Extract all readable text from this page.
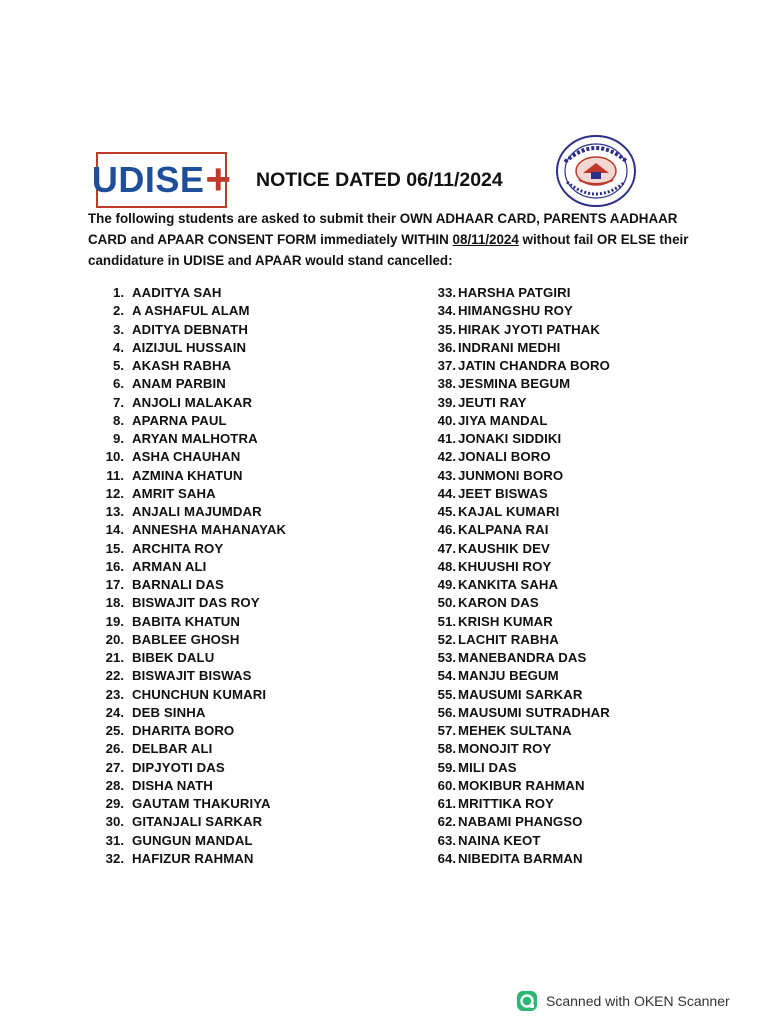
UDISE + NOTICE DATED 06/11/2024
The following students are asked to submit their OWN ADHAAR CARD, PARENTS AADHAAR CARD and APAAR CONSENT FORM immediately WITHIN 08/11/2024 without fail OR ELSE their candidature in UDISE and APAAR would stand cancelled:
1. AADITYA SAH
2. A ASHAFUL ALAM
3. ADITYA DEBNATH
4. AIZIJUL HUSSAIN
5. AKASH RABHA
6. ANAM PARBIN
7. ANJOLI MALAKAR
8. APARNA PAUL
9. ARYAN MALHOTRA
10. ASHA CHAUHAN
11. AZMINA KHATUN
12. AMRIT SAHA
13. ANJALI MAJUMDAR
14. ANNESHA MAHANAYAK
15. ARCHITA ROY
16. ARMAN ALI
17. BARNALI DAS
18. BISWAJIT DAS ROY
19. BABITA KHATUN
20. BABLEE GHOSH
21. BIBEK DALU
22. BISWAJIT BISWAS
23. CHUNCHUN KUMARI
24. DEB SINHA
25. DHARITA BORO
26. DELBAR ALI
27. DIPJYOTI DAS
28. DISHA NATH
29. GAUTAM THAKURIYA
30. GITANJALI SARKAR
31. GUNGUN MANDAL
32. HAFIZUR RAHMAN
33. HARSHA PATGIRI
34. HIMANGSHU ROY
35. HIRAK JYOTI PATHAK
36. INDRANI MEDHI
37. JATIN CHANDRA BORO
38. JESMINA BEGUM
39. JEUTI RAY
40. JIYA MANDAL
41. JONAKI SIDDIKI
42. JONALI BORO
43. JUNMONI BORO
44. JEET BISWAS
45. KAJAL KUMARI
46. KALPANA RAI
47. KAUSHIK DEV
48. KHUUSHI ROY
49. KANKITA SAHA
50. KARON DAS
51. KRISH KUMAR
52. LACHIT RABHA
53. MANEBANDRA DAS
54. MANJU BEGUM
55. MAUSUMI SARKAR
56. MAUSUMI SUTRADHAR
57. MEHEK SULTANA
58. MONOJIT ROY
59. MILI DAS
60. MOKIBUR RAHMAN
61. MRITTIKA ROY
62. NABAMI PHANGSO
63. NAINA KEOT
64. NIBEDITA BARMAN
Scanned with OKEN Scanner
